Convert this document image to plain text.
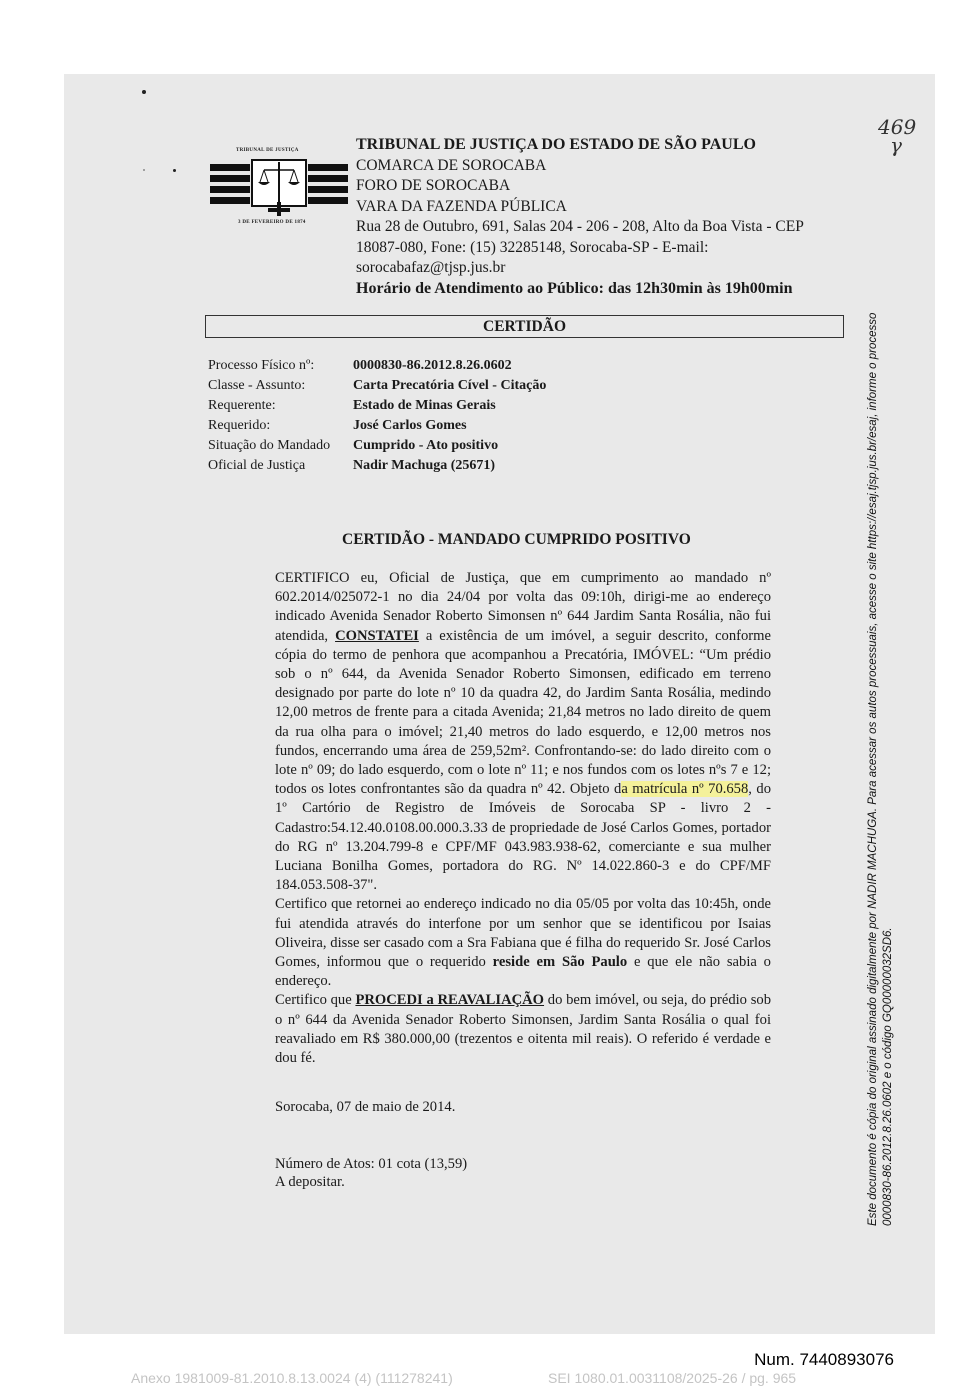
469
γ
TRIBUNAL DE JUSTIÇA
3 DE FEVEREIRO DE 1874
TRIBUNAL DE JUSTIÇA DO ESTADO DE SÃO PAULO
COMARCA DE SOROCABA
FORO DE SOROCABA
VARA DA FAZENDA PÚBLICA
Rua 28 de Outubro, 691, Salas 204 - 206 - 208, Alto da Boa Vista - CEP
18087-080, Fone: (15) 32285148, Sorocaba-SP - E-mail:
sorocabafaz@tjsp.jus.br
Horário de Atendimento ao Público: das 12h30min às 19h00min
CERTIDÃO
Processo Físico nº:	0000830-86.2012.8.26.0602
Classe - Assunto:	Carta Precatória Cível - Citação
Requerente:	Estado de Minas Gerais
Requerido:	José Carlos Gomes
Situação do Mandado	Cumprido - Ato positivo
Oficial de Justiça	Nadir Machuga (25671)
CERTIDÃO - MANDADO CUMPRIDO POSITIVO

CERTIFICO eu, Oficial de Justiça, que em cumprimento ao mandado nº 602.2014/025072-1 no dia 24/04 por volta das 09:10h, dirigi-me ao endereço indicado Avenida Senador Roberto Simonsen nº 644 Jardim Santa Rosália, não fui atendida, CONSTATEI a existência de um imóvel, a seguir descrito, conforme cópia do termo de penhora que acompanhou a Precatória, IMÓVEL: “Um prédio sob o nº 644, da Avenida Senador Roberto Simonsen, edificado em terreno designado por parte do lote nº 10 da quadra 42, do Jardim Santa Rosália, medindo 12,00 metros de frente para a citada Avenida; 21,84 metros no lado direito de quem da rua olha para o imóvel; 21,40 metros do lado esquerdo, e 12,00 metros nos fundos, encerrando uma área de 259,52m². Confrontando-se: do lado direito com o lote nº 09; do lado esquerdo, com o lote nº 11; e nos fundos com os lotes nºs 7 e 12; todos os lotes confrontantes são da quadra nº 42. Objeto da matrícula nº 70.658, do 1º Cartório de Registro de Imóveis de Sorocaba SP - livro 2 - Cadastro:54.12.40.0108.00.000.3.33 de propriedade de José Carlos Gomes, portador do RG nº 13.204.799-8 e CPF/MF 043.983.938-62, comerciante e sua mulher Luciana Bonilha Gomes, portadora do RG. Nº 14.022.860-3 e do CPF/MF 184.053.508-37".

Certifico que retornei ao endereço indicado no dia 05/05 por volta das 10:45h, onde fui atendida através do interfone por um senhor que se identificou por Isaias Oliveira, disse ser casado com a Sra Fabiana que é filha do requerido Sr. José Carlos Gomes, informou que o requerido reside em São Paulo e que ele não sabia o endereço.

Certifico que PROCEDI a REAVALIAÇÃO do bem imóvel, ou seja, do prédio sob o nº 644 da Avenida Senador Roberto Simonsen, Jardim Santa Rosália o qual foi reavaliado em R$ 380.000,00 (trezentos e oitenta mil reais). O referido é verdade e dou fé.

Sorocaba, 07 de maio de 2014.
Número de Atos: 01 cota (13,59)
A depositar.	Este documento é cópia do original assinado digitalmente por NADIR MACHUGA. Para acessar os autos processuais, acesse o site https://esaj.tjsp.jus.br/esaj, informe o processo 0000830-86.2012.8.26.0602 e o código GQ00000032SD6.
Num. 7440893076
Anexo 1981009-81.2010.8.13.0024 (4) (111278241)	SEI 1080.01.0031108/2025-26 / pg. 965
